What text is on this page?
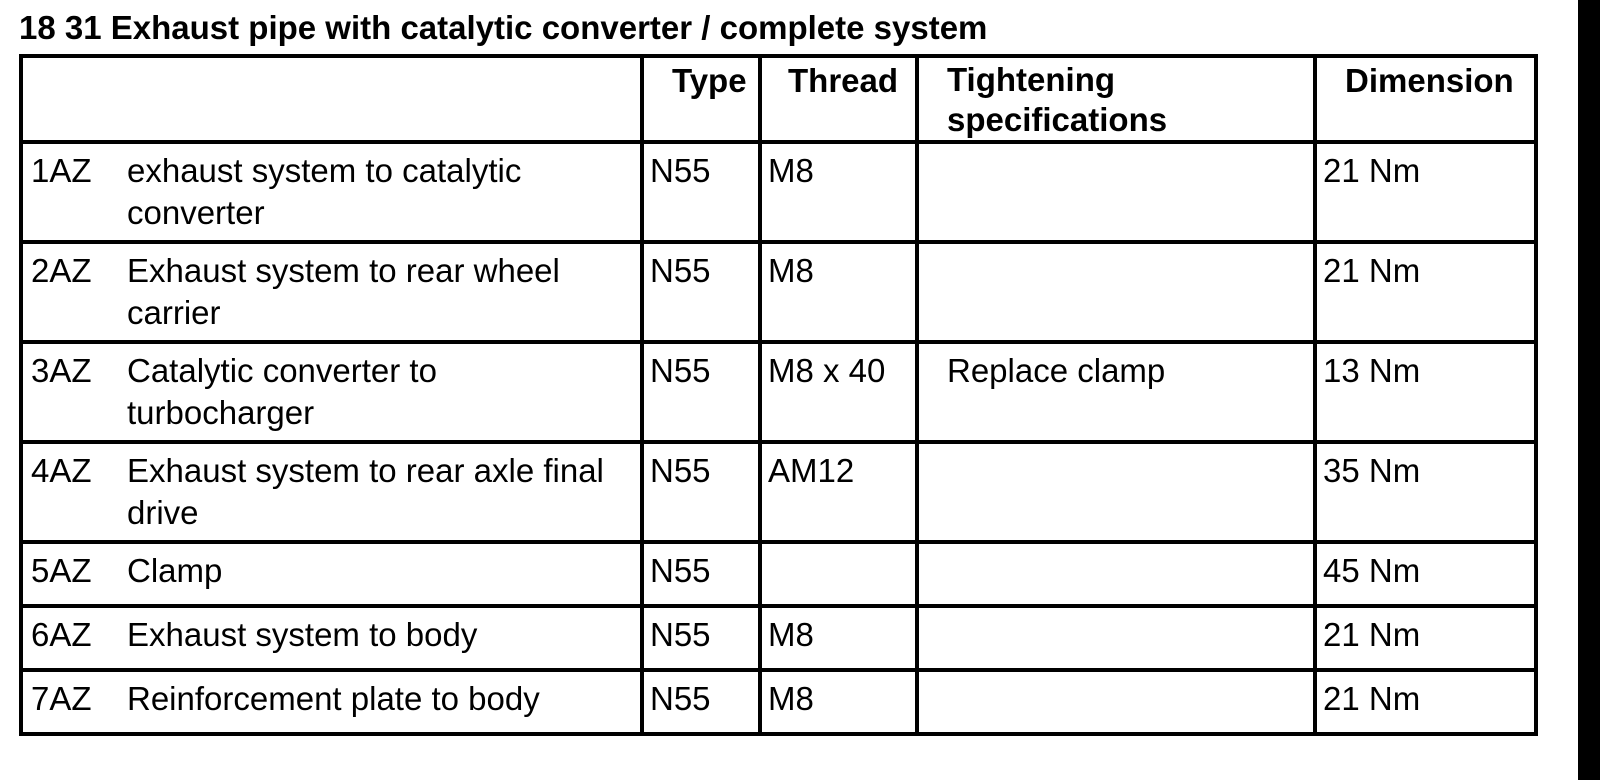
18 31 Exhaust pipe with catalytic converter / complete system
	Type	Thread	Tightening specifications	Dimension
1AZ exhaust system to catalytic converter	N55	M8		21 Nm
2AZ Exhaust system to rear wheel carrier	N55	M8		21 Nm
3AZ Catalytic converter to turbocharger	N55	M8 x 40	Replace clamp	13 Nm
4AZ Exhaust system to rear axle final drive	N55	AM12		35 Nm
5AZ Clamp	N55			45 Nm
6AZ Exhaust system to body	N55	M8		21 Nm
7AZ Reinforcement plate to body	N55	M8		21 Nm
